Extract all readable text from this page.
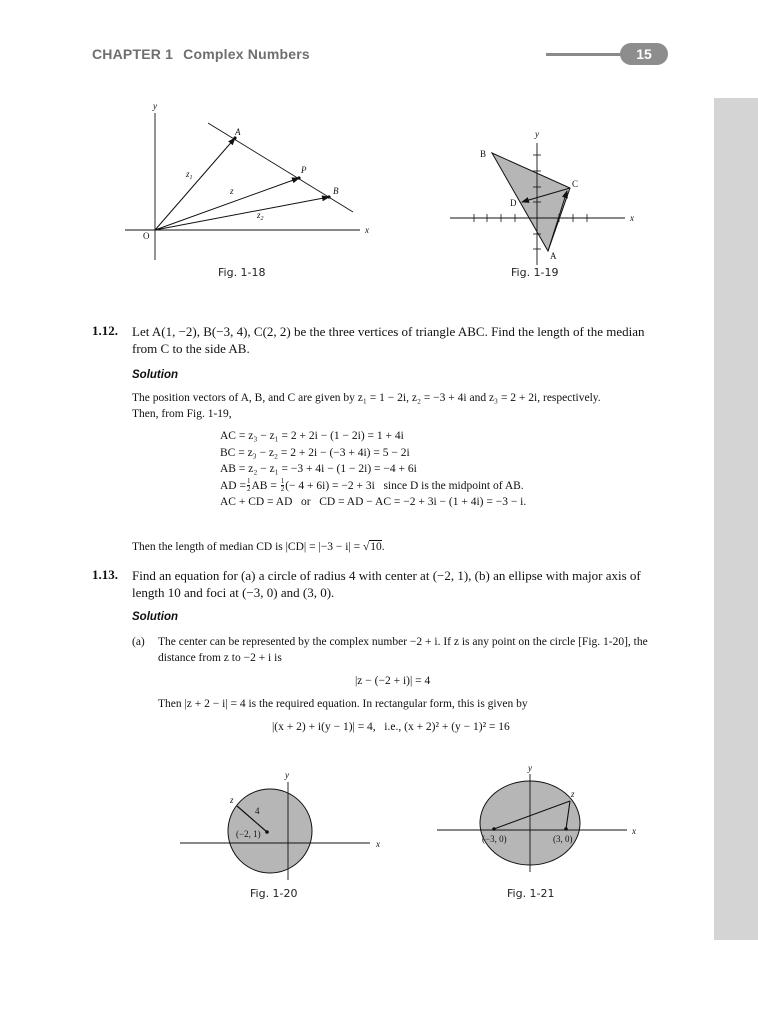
CHAPTER 1 Complex Numbers	15
y
x
O
A
P
B
$z_1$
z
$z_2$
Fig. 1-18
y
x
A
B
C
D
Fig. 1-19
1.12. Let A(1, −2), B(−3, 4), C(2, 2) be the three vertices of triangle ABC. Find the length of the median
from C to the side AB.
Solution
The position vectors of A, B, and C are given by z₁ = 1 − 2i, z₂ = −3 + 4i and z₃ = 2 + 2i, respectively.
Then, from Fig. 1-19,
AC = z₃ − z₁ = 2 + 2i − (1 − 2i) = 1 + 4i
BC = z₃ − z₂ = 2 + 2i − (−3 + 4i) = 5 − 2i
AB = z₂ − z₁ = −3 + 4i − (1 − 2i) = −4 + 6i
AD = $\frac{1}{2}$ AB = $\frac{1}{2}$ (− 4 + 6i) = −2 + 3i since D is the midpoint of AB.
AC + CD = AD   or   CD = AD − AC = −2 + 3i − (1 + 4i) = −3 − i.
Then the length of median CD is |CD| = |−3 − i| = √10.
1.13. Find an equation for (a) a circle of radius 4 with center at (−2, 1), (b) an ellipse with major axis of
length 10 and foci at (−3, 0) and (3, 0).
Solution
(a) The center can be represented by the complex number −2 + i. If z is any point on the circle [Fig. 1-20], the
distance from z to −2 + i is
|z − (−2 + i)| = 4
Then |z + 2 − i| = 4 is the required equation. In rectangular form, this is given by
|(x + 2) + i(y − 1)| = 4,   i.e., (x + 2)² + (y − 1)² = 16
y
x
z
4
(−2, 1)
Fig. 1-20
y
x
z
(−3, 0)	(3, 0)
Fig. 1-21
